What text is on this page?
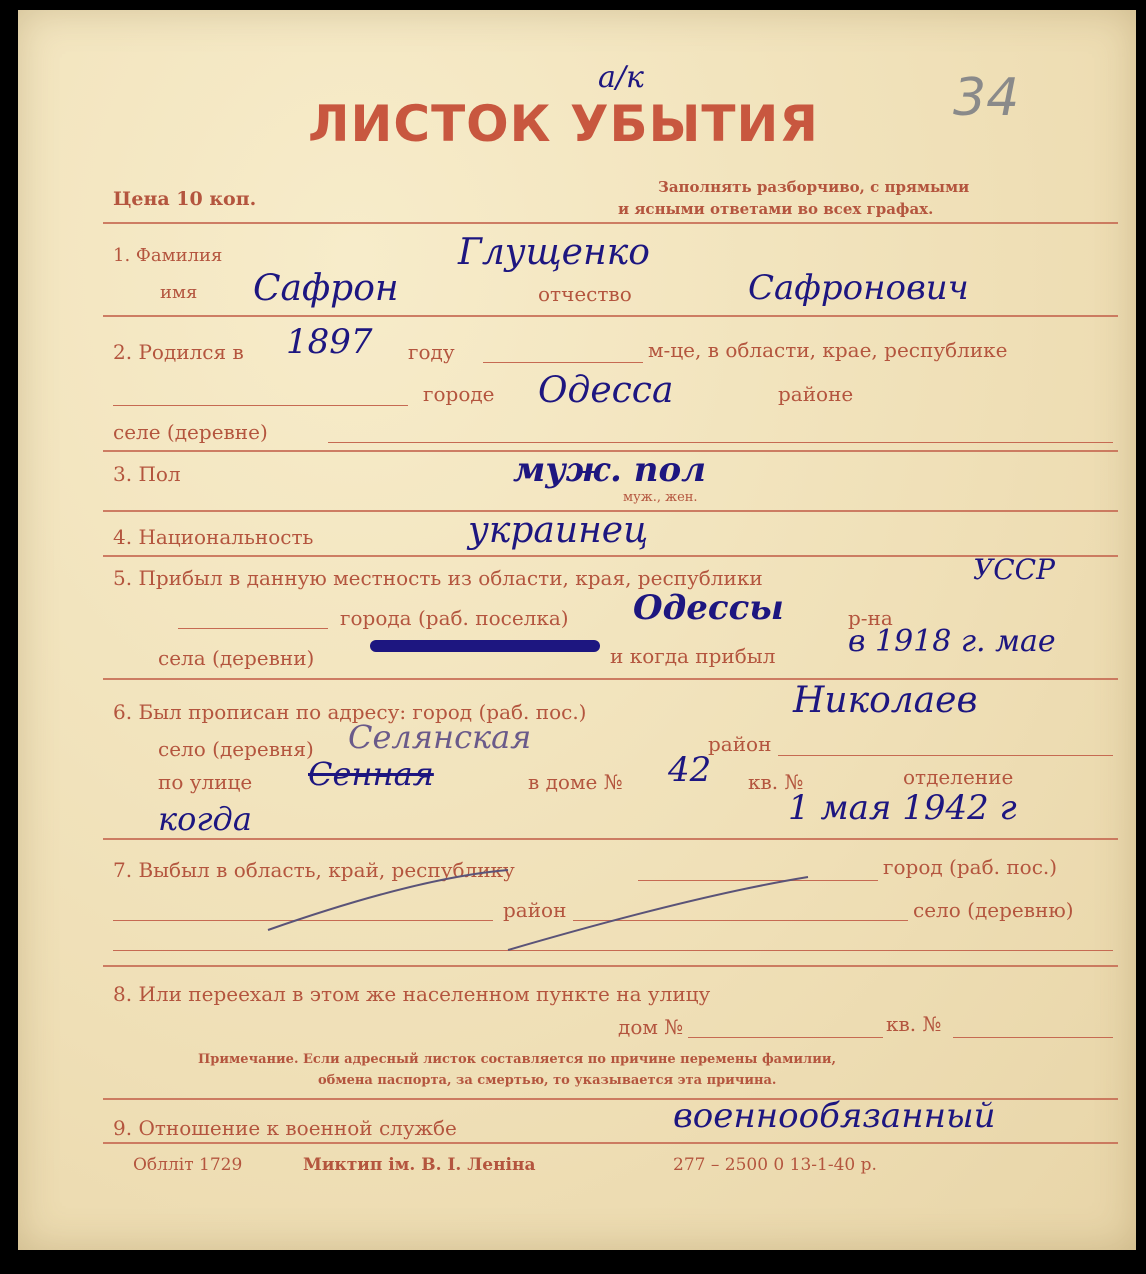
ЛИСТОК УБЫТИЯ
а/к	34
Цена 10 коп.
Заполнять разборчиво, с прямыми
и ясными ответами во всех графах.
1. Фамилия	Глущенко
имя Сафрон	отчество	Сафронович
2. Родился в 1897 году	м-це, в области, крае, республике
городе Одесса	районе
селе (деревне)
3. Пол	муж. пол
муж., жен.
4. Национальность	украинец
5. Прибыл в данную местность из области, края, республики	УССР
города (раб. поселка) Одессы	р-на
села (деревни)	и когда прибыл в 1918 г. мае
6. Был прописан по адресу: город (раб. пос.)	Николаев
село (деревня) Селянская	район
по улице Сенная	в доме № 42 кв. №	отделение
когда	1 мая 1942 г
7. Выбыл в область, край, республику	город (раб. пос.)
район	село (деревню)
8. Или переехал в этом же населенном пункте на улицу
дом №	кв. №
Примечание. Если адресный листок составляется по причине перемены фамилии,
обмена паспорта, за смертью, то указывается эта причина.
9. Отношение к военной службе	военнообязанный
Облліт 1729	Миктип ім. В. І. Леніна	277 – 2500 0 13-1-40 р.
